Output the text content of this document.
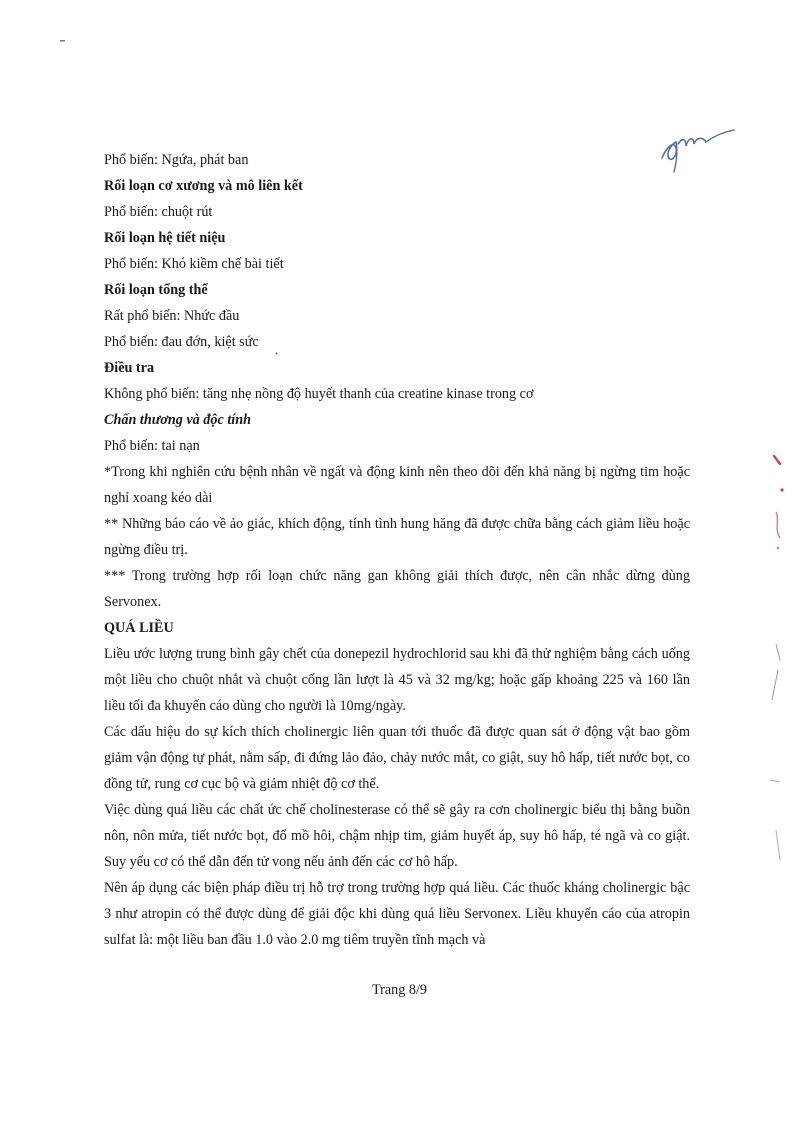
Phổ biến: Ngứa, phát ban

Rối loạn cơ xương và mô liên kết

Phổ biến: chuột rút

Rối loạn hệ tiết niệu

Phổ biến: Khó kiềm chế bài tiết

Rối loạn tổng thể

Rất phổ biến: Nhức đầu

Phổ biến: đau đớn, kiệt sức

Điều tra

Không phổ biến: tăng nhẹ nồng độ huyết thanh của creatine kinase trong cơ

Chấn thương và độc tính

Phổ biến: tai nạn

*Trong khi nghiên cứu bệnh nhân về ngất và động kinh nên theo dõi đến khả năng bị ngừng tim hoặc nghỉ xoang kéo dài

** Những báo cáo về ảo giác, khích động, tính tình hung hăng đã được chữa bằng cách giảm liều hoặc ngừng điều trị.

*** Trong trường hợp rối loạn chức năng gan không giải thích được, nên cân nhắc dừng dùng Servonex.

QUÁ LIỀU

Liều ước lượng trung bình gây chết của donepezil hydrochlorid sau khi đã thử nghiệm bằng cách uống một liều cho chuột nhắt và chuột cống lần lượt là 45 và 32 mg/kg; hoặc gấp khoảng 225 và 160 lần liều tối đa khuyến cáo dùng cho người là 10mg/ngày.

Các dấu hiệu do sự kích thích cholinergic liên quan tới thuốc đã được quan sát ở động vật bao gồm giảm vận động tự phát, nằm sấp, đi đứng lảo đảo, chảy nước mắt, co giật, suy hô hấp, tiết nước bọt, co đồng tử, rung cơ cục bộ và giảm nhiệt độ cơ thể.

Việc dùng quá liều các chất ức chế cholinesterase có thể sẽ gây ra cơn cholinergic biểu thị bằng buồn nôn, nôn mửa, tiết nước bọt, đổ mồ hôi, chậm nhịp tim, giảm huyết áp, suy hô hấp, té ngã và co giật. Suy yếu cơ có thể dẫn đến tử vong nếu ảnh đến các cơ hô hấp.

Nên áp dụng các biện pháp điều trị hỗ trợ trong trường hợp quá liều. Các thuốc kháng cholinergic bậc 3 như atropin có thể được dùng để giải độc khi dùng quá liều Servonex. Liều khuyến cáo của atropin sulfat là: một liều ban đầu 1.0 vào 2.0 mg tiêm truyền tĩnh mạch và

Trang 8/9
